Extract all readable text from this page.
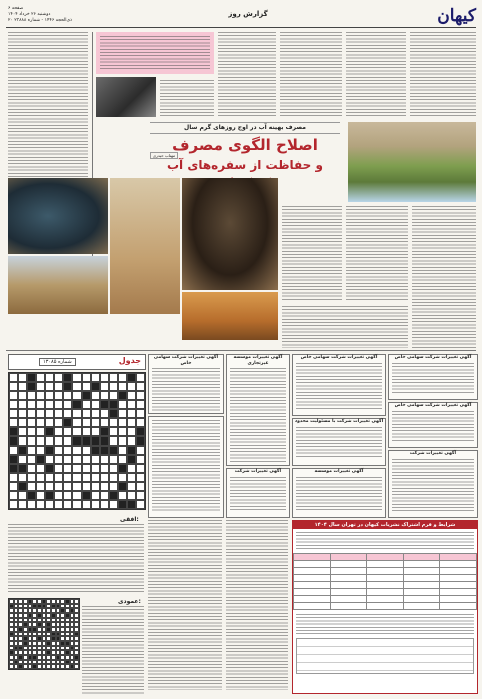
کیهان
گزارش روز
صفحه ۶
دوشنبه ۲۶ خرداد ۱۴۰۴
۲۰ ذی‌الحجه ۱۴۴۶ - شماره ۲۳۸۸۸
مصرف بهینه آب در اوج روزهای گرم سال
اصلاح الگوی مصرف
و حفاظت از سفره‌های آب
مهتاب حیدری
آگهی تغییرات شرکت سهامی خاص
آگهی تغییرات شرکت سهامی خاص
آگهی تغییرات شرکت
آگهی تغییرات شرکت سهامی خاص
آگهی تغییرات شرکت با مسئولیت محدود
آگهی تغییرات موسسه
آگهی تغییرات موسسه غیرتجاری
آگهی تغییرات شرکت
آگهی تغییرات شرکت سهامی خاص
جدول
شماره ۱۳۰۸۵
افقی:
عمودی:
شرایط و فرم اشتراک نشریات کیهان در تهران سال ۱۴۰۴
